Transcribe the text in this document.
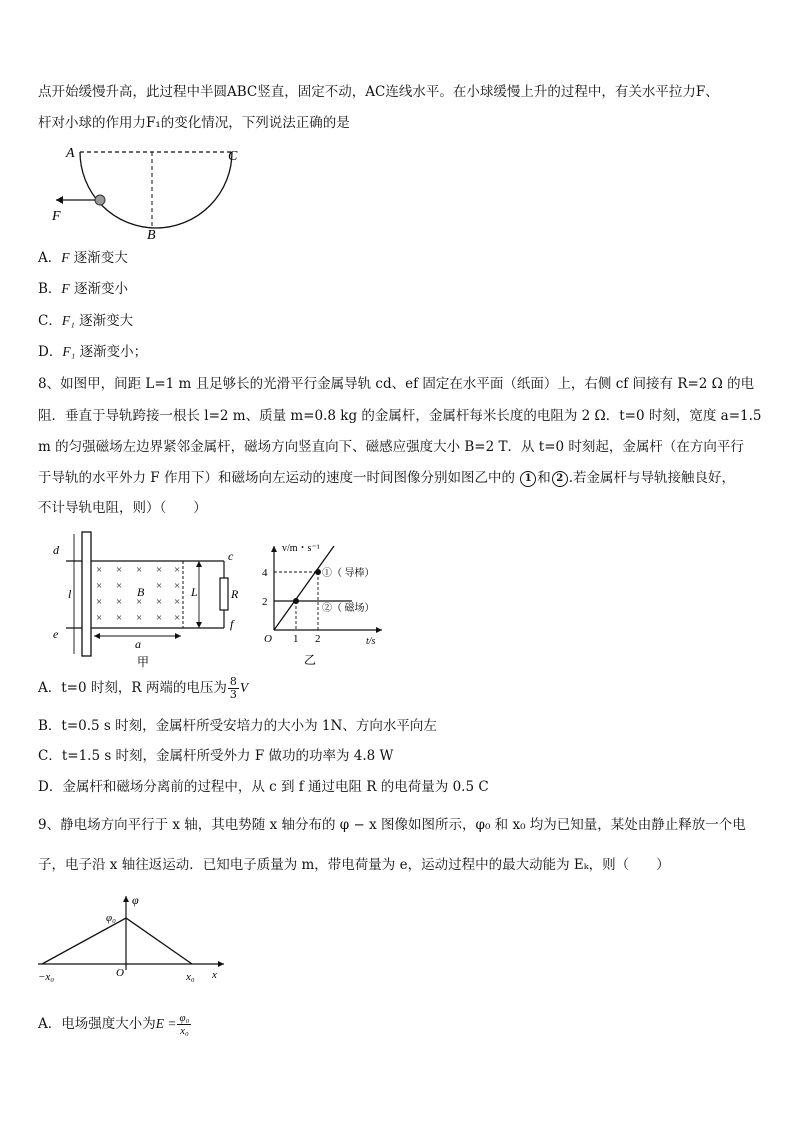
点开始缓慢升高，此过程中半圆ABC竖直，固定不动，AC连线水平。在小球缓慢上升的过程中，有关水平拉力F、
杆对小球的作用力F₁的变化情况，下列说法正确的是
A	C
B
F
A．F 逐渐变大
B．F 逐渐变小
C．F₁ 逐渐变大
D．F₁ 逐渐变小；
8、如图甲，间距 L=1 m 且足够长的光滑平行金属导轨 cd、ef 固定在水平面（纸面）上，右侧 cf 间接有 R=2 Ω 的电
阻．垂直于导轨跨接一根长 l=2 m、质量 m=0.8 kg 的金属杆，金属杆每米长度的电阻为 2 Ω．t=0 时刻，宽度 a=1.5
m 的匀强磁场左边界紧邻金属杆，磁场方向竖直向下、磁感应强度大小 B=2 T．从 t=0 时刻起，金属杆（在方向平行
于导轨的水平外力 F 作用下）和磁场向左运动的速度一时间图像分别如图乙中的 1 和 2 .若金属杆与导轨接触良好，
不计导轨电阻，则）（　　）
× × × × ×
× ×	× ×
× × × × ×
× × × × ×
d	c
e
f
l	L
B	R
a
甲
v/m・s⁻¹
t/s
O
4
2
1 2
①（ 导棒）
②（ 磁场）
乙
A．t=0 时刻，R 两端的电压为 $\frac{8}{3}$ V
B．t=0.5 s 时刻，金属杆所受安培力的大小为 1N、方向水平向左
C．t=1.5 s 时刻，金属杆所受外力 F 做功的功率为 4.8 W
D．金属杆和磁场分离前的过程中，从 c 到 f 通过电阻 R 的电荷量为 0.5 C
9、静电场方向平行于 x 轴，其电势随 x 轴分布的 φ − x 图像如图所示，φ₀ 和 x₀ 均为已知量，某处由静止释放一个电
子，电子沿 x 轴往返运动．已知电子质量为 m，带电荷量为 e，运动过程中的最大动能为 Eₖ，则（　　）
φ
φ₀
−x₀	O	x₀ x
A．电场强度大小为$E = \frac{\text{φ₀}}{\text{x₀}}$
